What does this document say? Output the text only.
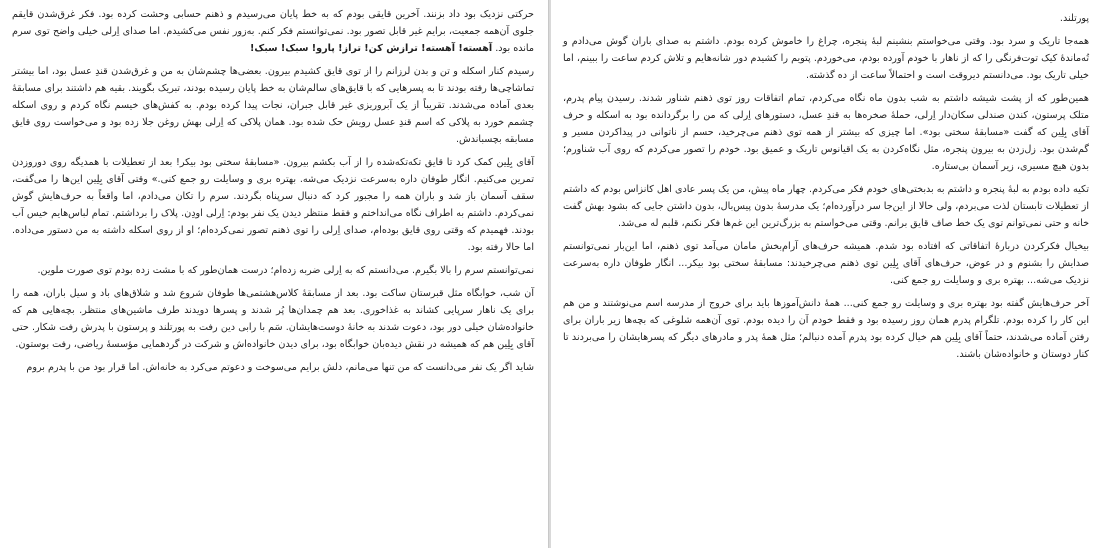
حرکتی نزدیک بود داد بزنند. آخرین قایقی بودم که به خط پایان می‌رسیدم و ذهنم حسابی وحشت کرده بود. فکر غرق‌شدن قایقم جلوی آن‌همه جمعیت، برایم غیر قابل تصور بود. نمی‌توانستم فکر کنم. به‌زور نفس می‌کشیدم. اما صدای اِرلی خیلی واضح توی سرم مانده بود. آهسته! آهسته! ترازش کن! تراز! پارو! سبک! سبک!

رسیدم کنار اسکله و تن و بدن لرزانم را از توی قایق کشیدم بیرون. بعضی‌ها چشم‌شان به من و غرق‌شدن قندِ عسل بود، اما بیشتر تماشاچی‌ها رفته بودند تا به پسرهایی که با قایق‌های سالم‌شان به خط پایان رسیده بودند، تبریک بگویند. بقیه هم داشتند برای مسابقهٔ بعدی آماده می‌شدند. تقریباً از یک آبروریزی غیر قابل جبران، نجات پیدا کرده بودم. به کفش‌های خیسم نگاه کردم و روی اسکله چشمم خورد به پلاکی که اسم قندِ عسل رویش حک شده بود. همان پلاکی که اِرلی بهش روغن جلا زده بود و می‌خواست روی قایق مسابقه بچسباندش.

آقای بِلِین کمک کرد تا قایق تکه‌تکه‌شده را از آب بکشم بیرون. «مسابقهٔ سختی بود بیکر! بعد از تعطیلات با همدیگه روی دوروزدن تمرین می‌کنیم. انگار طوفان داره به‌سرعت نزدیک می‌شه. بهتره بری و وسایلت رو جمع کنی.» وقتی آقای بِلِین این‌ها را می‌گفت، سقف آسمان باز شد و باران همه را مجبور کرد که دنبال سرپناه بگردند. سرم را تکان می‌دادم، اما واقعاً به حرف‌هایش گوش نمی‌کردم. داشتم به اطراف نگاه می‌انداختم و فقط منتظر دیدن یک نفر بودم: اِرلی اودِن. پلاک را برداشتم. تمام لباس‌هایم خیس آب بودند. فهمیدم که وقتی روی قایق بوده‌ام، صدای اِرلی را توی ذهنم تصور نمی‌کرده‌ام؛ او از روی اسکله داشته به من دستور می‌داده. اما حالا رفته بود.

نمی‌توانستم سرم را بالا بگیرم. می‌دانستم که به اِرلی ضربه زده‌ام؛ درست همان‌طور که با مشت زده بودم توی صورت ملوین.

آن شب، خوابگاه مثل قبرستان ساکت بود. بعد از مسابقهٔ کلاس‌هشتمی‌ها طوفان شروع شد و شلاق‌های باد و سیل باران، همه را برای یک ناهار سرپایی کشاند به غذاخوری. بعد هم چمدان‌ها پُر شدند و پسرها دویدند طرف ماشین‌های منتظر. بچه‌هایی هم که خانواده‌شان خیلی دور بود، دعوت شدند به خانهٔ دوست‌هایشان. سَم با رابی دین رفت به پورتلند و پرستون با پدرش رفت شکار. حتی آقای بِلِین هم که همیشه در نقش دیده‌بان خوابگاه بود، برای دیدن خانواده‌اش و شرکت در گردهمایی مؤسسهٔ ریاضی، رفت بوستون.

شاید اگر یک نفر می‌دانست که من تنها می‌مانم، دلش برایم می‌سوخت و دعوتم می‌کرد به خانه‌اش. اما قرار بود من با پدرم بروم

پورتلند.

همه‌جا تاریک و سرد بود. وقتی می‌خواستم بنشینم لبهٔ پنجره، چراغ را خاموش کرده بودم. داشتم به صدای باران گوش می‌دادم و تُه‌ماندهٔ کیک توت‌فرنگی را که از ناهار با خودم آورده بودم، می‌خوردم. پتویم را کشیدم دور شانه‌هایم و تلاش کردم ساعت را ببینم، اما خیلی تاریک بود. می‌دانستم دیروقت است و احتمالاً ساعت از ده گذشته.

همین‌طور که از پشت شیشه داشتم به شب بدون ماه نگاه می‌کردم، تمام اتفاقات روز توی ذهنم شناور شدند. رسیدن پیام پدرم، متلک پرستون، کندن صندلی سکان‌دار اِرلی، حملهٔ صخره‌ها به قندِ عسل، دستورهای اِرلی که من را برگردانده بود به اسکله و حرف آقای بِلِین که گفت «مسابقهٔ سختی بود». اما چیزی که بیشتر از همه توی ذهنم می‌چرخید، حسم از ناتوانی در پیداکردن مسیر و گم‌شدن بود. زل‌زدن به بیرون پنجره، مثل نگاه‌کردن به یک اقیانوس تاریک و عمیق بود. خودم را تصور می‌کردم که روی آب شناورم؛ بدون هیچ مسیری، زیر آسمان بی‌ستاره.

تکیه داده بودم به لبهٔ پنجره و داشتم به بدبختی‌های خودم فکر می‌کردم. چهار ماه پیش، من یک پسر عادی اهل کانزاس بودم که داشتم از تعطیلات تابستان لذت می‌بردم، ولی حالا از این‌جا سر درآورده‌ام؛ یک مدرسهٔ بدون پیس‌بال، بدون داشتن جایی که بشود بهش گفت خانه و حتی نمی‌توانم توی یک خط صاف قایق برانم. وقتی می‌خواستم به بزرگ‌ترین این غم‌ها فکر نکنم، قلبم له می‌شد.

بیخیال فکرکردن دربارهٔ اتفاقاتی که افتاده بود شدم. همیشه حرف‌های آرام‌بخش مامان می‌آمد توی ذهنم، اما این‌بار نمی‌توانستم صدایش را بشنوم و در عوض، حرف‌های آقای بِلِین توی ذهنم می‌چرخیدند: مسابقهٔ سختی بود بیکر... انگار طوفان داره به‌سرعت نزدیک می‌شه... بهتره بری و وسایلت رو جمع کنی.

آخر حرف‌هایش گفته بود بهتره بری و وسایلت رو جمع کنی... همهٔ دانش‌آموزها باید برای خروج از مدرسه اسم می‌نوشتند و من هم این کار را کرده بودم. تلگرام پدرم همان روز رسیده بود و فقط خودم آن را دیده بودم. توی آن‌همه شلوغی که بچه‌ها زیر باران برای رفتن آماده می‌شدند، حتماً آقای بِلِین هم خیال کرده بود پدرم آمده دنبالم؛ مثل همهٔ پدر و مادرهای دیگر که پسرهایشان را می‌بردند تا کنار دوستان و خانواده‌شان باشند.
